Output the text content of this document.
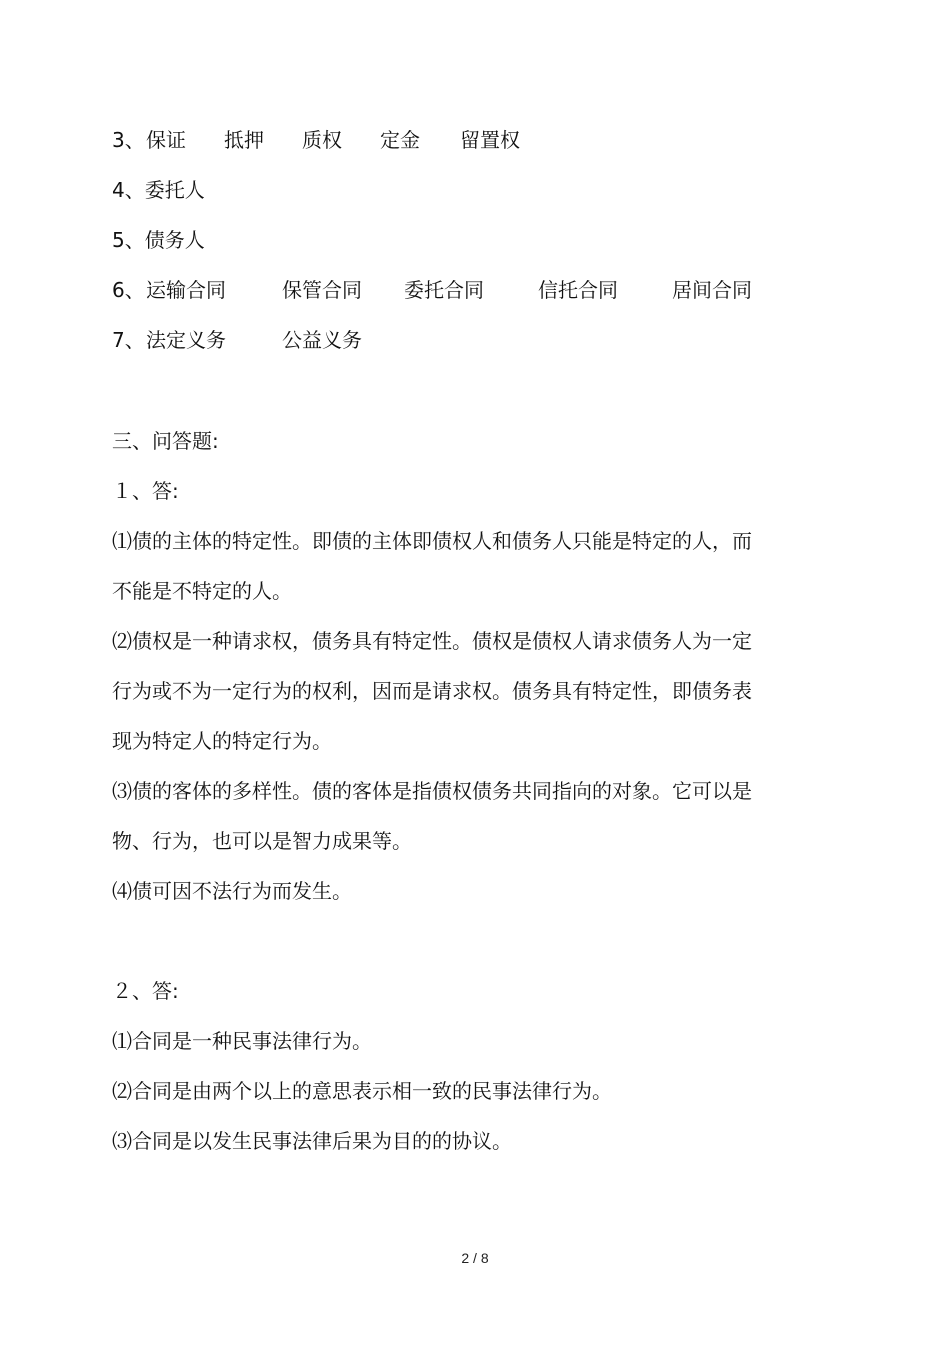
3、 保证	抵押	质权	定金	留置权
4、委托人
5、债务人
6、 运输合同	保管合同	委托合同	信托合同	居间合同
7、 法定义务	公益义务
三、问答题:
１、答:
⑴债的主体的特定性。即债的主体即债权人和债务人只能是特定的人，而
不能是不特定的人。
⑵债权是一种请求权，债务具有特定性。债权是债权人请求债务人为一定
行为或不为一定行为的权利，因而是请求权。债务具有特定性，即债务表
现为特定人的特定行为。
⑶债的客体的多样性。债的客体是指债权债务共同指向的对象。它可以是
物、行为，也可以是智力成果等。
⑷债可因不法行为而发生。
２、答:
⑴合同是一种民事法律行为。
⑵合同是由两个以上的意思表示相一致的民事法律行为。
⑶合同是以发生民事法律后果为目的的协议。
2 / 8
